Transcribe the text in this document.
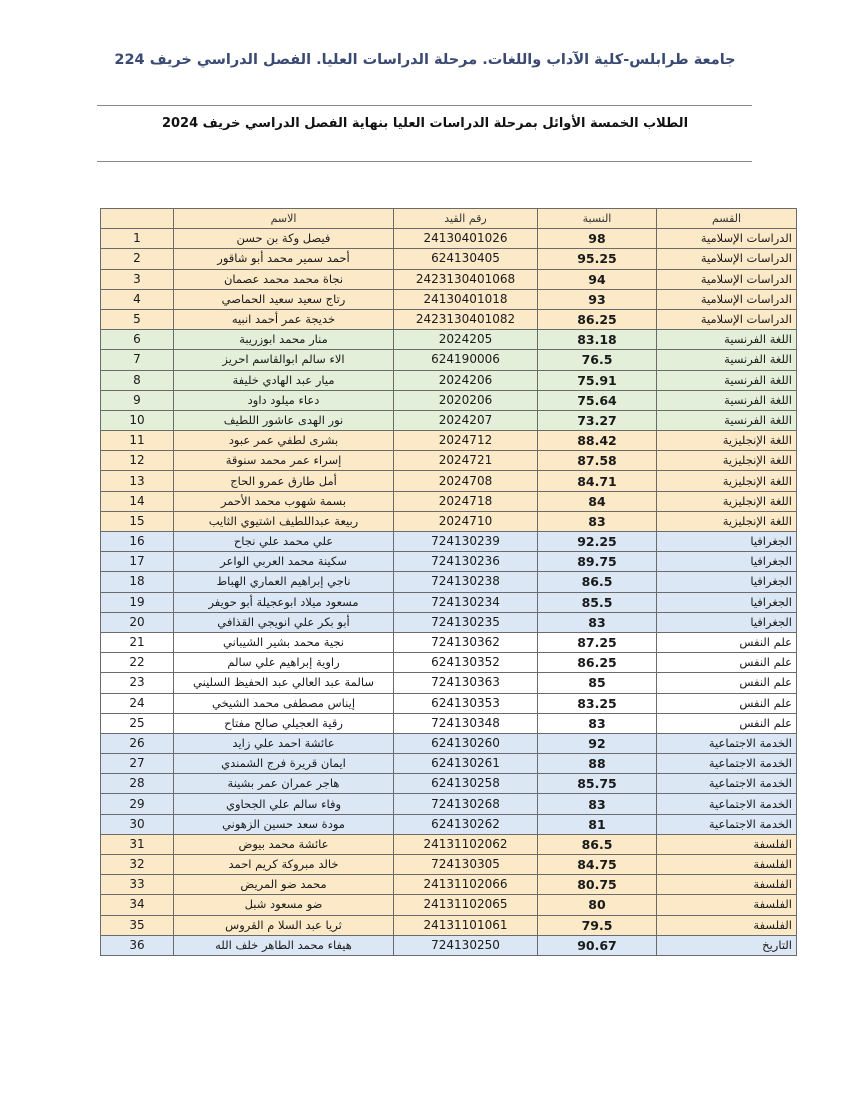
جامعة طرابلس-كلية الآداب واللغات. مرحلة الدراسات العليا. الفصل الدراسي خريف 224
الطلاب الخمسة الأوائل بمرحلة الدراسات العليا بنهاية الفصل الدراسي خريف 2024
القسم	النسبة	رقم القيد	الاسم	
الدراسات الإسلامية	98	24130401026	فيصل وكة بن حسن	1
الدراسات الإسلامية	95.25	624130405	أحمد سمير محمد أبو شاقور	2
الدراسات الإسلامية	94	2423130401068	نجاة محمد محمد عصمان	3
الدراسات الإسلامية	93	24130401018	رتاج سعيد سعيد الحماصي	4
الدراسات الإسلامية	86.25	2423130401082	خديجة عمر أحمد انبيه	5
اللغة الفرنسية	83.18	2024205	منار محمد ابوزريبة	6
اللغة الفرنسية	76.5	624190006	الاء سالم ابوالقاسم احريز	7
اللغة الفرنسية	75.91	2024206	ميار عبد الهادي خليفة	8
اللغة الفرنسية	75.64	2020206	دعاء ميلود داود	9
اللغة الفرنسية	73.27	2024207	نور الهدى عاشور اللطيف	10
اللغة الإنجليزية	88.42	2024712	بشرى لطفي عمر عبود	11
اللغة الإنجليزية	87.58	2024721	إسراء عمر محمد سنوقة	12
اللغة الإنجليزية	84.71	2024708	أمل طارق عمرو الحاج	13
اللغة الإنجليزية	84	2024718	بسمة شهوب محمد الأحمر	14
اللغة الإنجليزية	83	2024710	ربيعة عبداللطيف اشتيوي الثايب	15
الجغرافيا	92.25	724130239	علي محمد علي نجاح	16
الجغرافيا	89.75	724130236	سكينة محمد العربي الواعر	17
الجغرافيا	86.5	724130238	ناجي إبراهيم العماري الهباط	18
الجغرافيا	85.5	724130234	مسعود ميلاد ابوعجيلة أبو حويفر	19
الجغرافيا	83	724130235	أبو بكر علي انويجي القذافي	20
علم النفس	87.25	724130362	نجية محمد بشير الشيباني	21
علم النفس	86.25	624130352	راوية إبراهيم علي سالم	22
علم النفس	85	724130363	سالمة عبد العالي عبد الحفيظ السليني	23
علم النفس	83.25	624130353	إيناس مصطفى محمد الشيخي	24
علم النفس	83	724130348	رقية العجيلي صالح مفتاح	25
الخدمة الاجتماعية	92	624130260	عائشة احمد علي زايد	26
الخدمة الاجتماعية	88	624130261	ايمان قريرة فرج الشمندي	27
الخدمة الاجتماعية	85.75	624130258	هاجر عمران عمر بشينة	28
الخدمة الاجتماعية	83	724130268	وفاء سالم علي الجحاوي	29
الخدمة الاجتماعية	81	624130262	مودة سعد حسين الزهوني	30
الفلسفة	86.5	24131102062	عائشة محمد بيوض	31
الفلسفة	84.75	724130305	خالد مبروكة كريم احمد	32
الفلسفة	80.75	24131102066	محمد ضو المريض	33
الفلسفة	80	24131102065	ضو مسعود شبل	34
الفلسفة	79.5	24131101061	ثريا عبد السلا م القروس	35
التاريخ	90.67	724130250	هيفاء محمد الطاهر خلف الله	36
